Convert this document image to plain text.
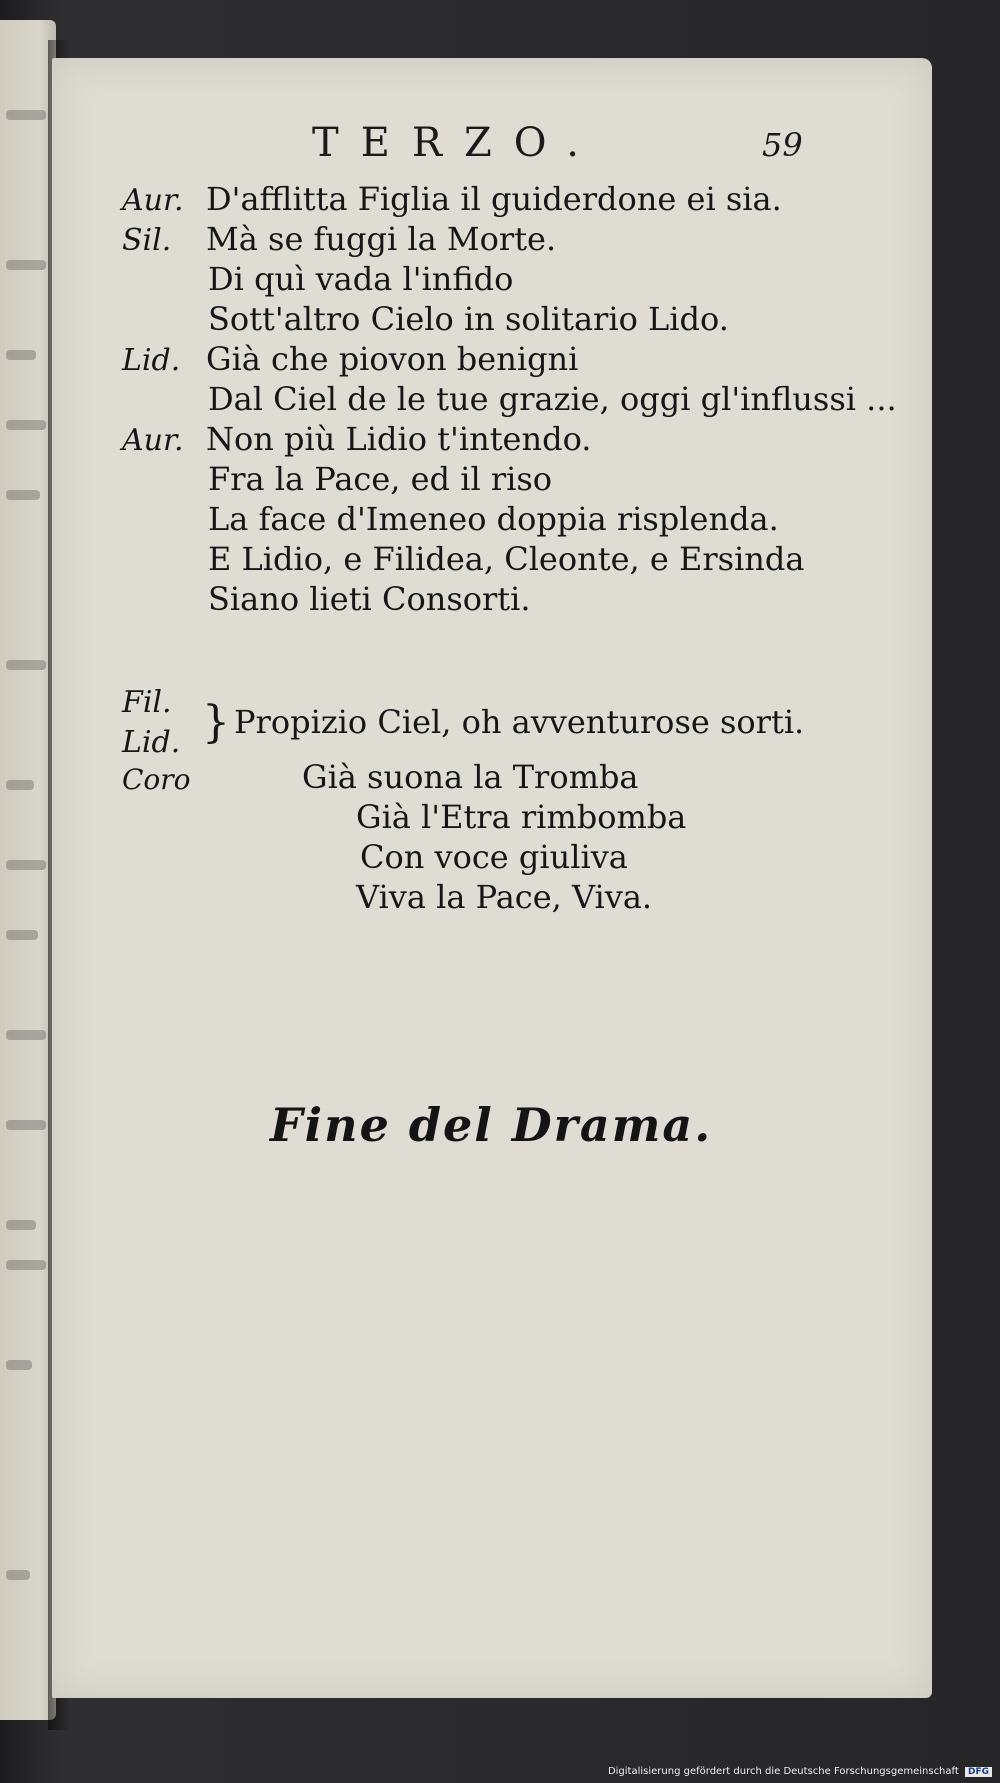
TERZO.	59
Aur. D'afflitta Figlia il guiderdone ei sia.
Sil. Mà se fuggi la Morte.
Di quì vada l'infido
Sott'altro Cielo in solitario Lido.
Lid. Già che piovon benigni
Dal Ciel de le tue grazie, oggi gl'influssi ...
Aur. Non più Lidio t'intendo.
Fra la Pace, ed il riso
La face d'Imeneo doppia risplenda.
E Lidio, e Filidea, Cleonte, e Ersinda
Siano lieti Consorti.
Fil.
Lid. } Propizio Ciel, oh avventurose sorti.
Coro	Già suona la Tromba
Già l'Etra rimbomba
Con voce giuliva
Viva la Pace, Viva.
Fine del Drama.
Digitalisierung gefördert durch die Deutsche Forschungsgemeinschaft DFG
